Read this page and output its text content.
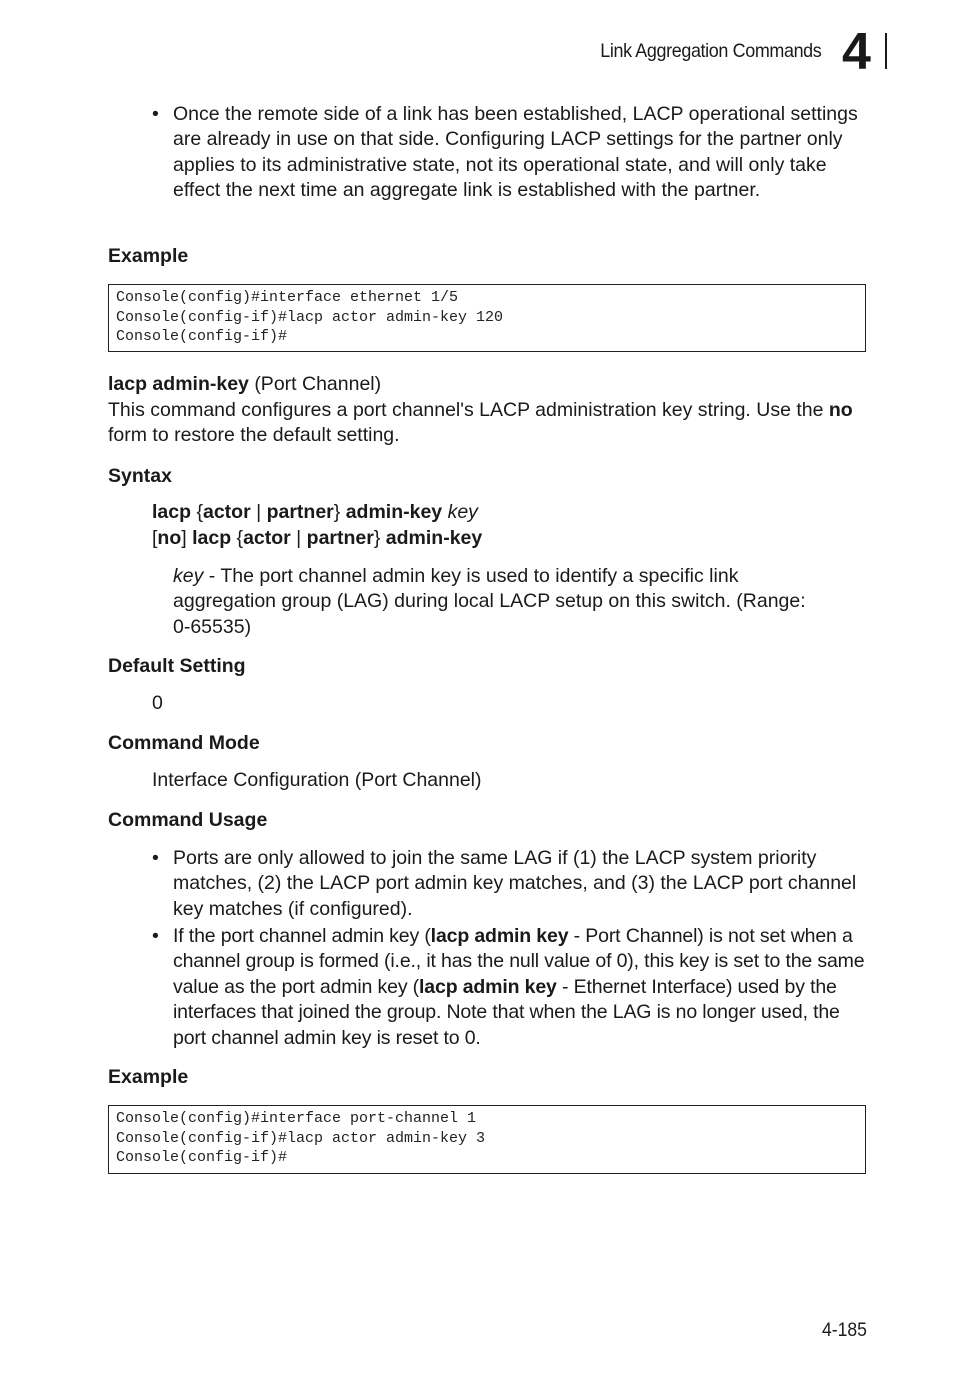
Link Aggregation Commands 4
• Once the remote side of a link has been established, LACP operational settings are already in use on that side. Configuring LACP settings for the partner only applies to its administrative state, not its operational state, and will only take effect the next time an aggregate link is established with the partner.
Example
Console(config)#interface ethernet 1/5
Console(config-if)#lacp actor admin-key 120
Console(config-if)#
lacp admin-key (Port Channel)
This command configures a port channel's LACP administration key string. Use the no form to restore the default setting.
Syntax
lacp {actor | partner} admin-key key
[no] lacp {actor | partner} admin-key
key - The port channel admin key is used to identify a specific link aggregation group (LAG) during local LACP setup on this switch. (Range: 0-65535)
Default Setting
0
Command Mode
Interface Configuration (Port Channel)
Command Usage
• Ports are only allowed to join the same LAG if (1) the LACP system priority matches, (2) the LACP port admin key matches, and (3) the LACP port channel key matches (if configured).
• If the port channel admin key (lacp admin key - Port Channel) is not set when a channel group is formed (i.e., it has the null value of 0), this key is set to the same value as the port admin key (lacp admin key - Ethernet Interface) used by the interfaces that joined the group. Note that when the LAG is no longer used, the port channel admin key is reset to 0.
Example
Console(config)#interface port-channel 1
Console(config-if)#lacp actor admin-key 3
Console(config-if)#
4-185
